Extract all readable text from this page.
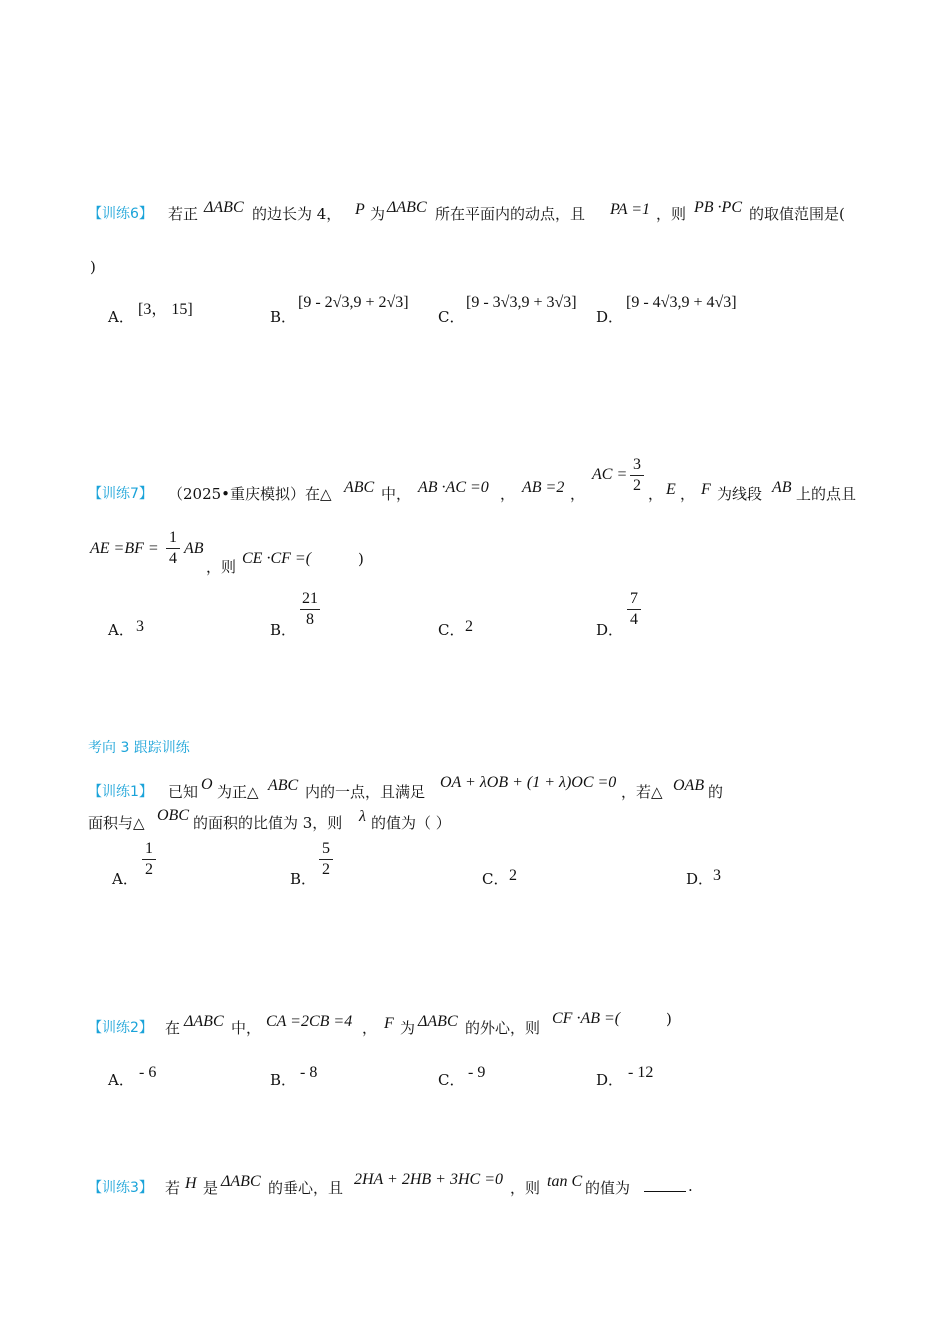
【训练6】 若正 ΔABC 的边长为 4， P 为 ΔABC 所在平面内的动点，且 PA =1 ，则 PB ·PC 的取值范围是(
)
A． [3， 15]	B．
[9 - 2√3,9 + 2√3]
C．
[9 - 3√3,9 + 3√3]
D．
[9 - 4√3,9 + 4√3]
【训练7】 （2025•重庆模拟）在△ ABC 中， AB ·AC =0 ， AB =2 ，
AC =
3
2 ， E ， F 为线段 AB 上的点且
AE =BF =
1
4
AB
，则 CE ·CF =(	)
A． 3	B．
21
8
C． 2	D．
7
4
考向 3 跟踪训练
【训练1】 已知 O 为正△ ABC 内的一点，且满足
OA + λOB + (1 + λ)OC =0
，若△ OAB 的
面积与△ OBC 的面积的比值为 3，则 λ 的值为（ ）
A．
1
2
B．
5
2
C． 2	D． 3
【训练2】 在 ΔABC 中， CA =2CB =4 ， F 为 ΔABC 的外心，则
CF ·AB =(	)
A． - 6	B． - 8	C． - 9	D． - 12
【训练3】 若 H 是 ΔABC 的垂心，且 2HA + 2HB + 3HC =0 ，则 tan C 的值为	.
